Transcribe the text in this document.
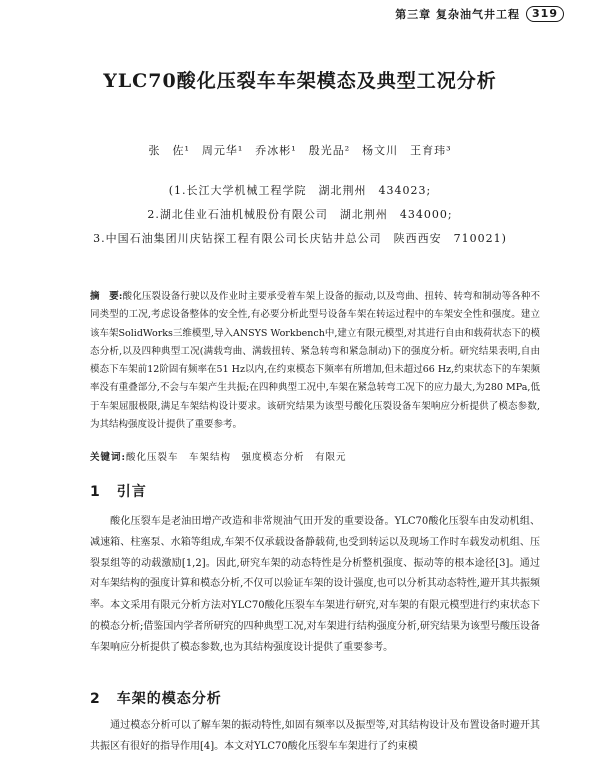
第三章 复杂油气井工程	319
YLC70酸化压裂车车架模态及典型工况分析
张　佐¹　周元华¹　乔冰彬¹　殷光品²　杨文川　王育玮³
(1.长江大学机械工程学院　湖北荆州　434023;
2.湖北佳业石油机械股份有限公司　湖北荆州　434000;
3.中国石油集团川庆钻探工程有限公司长庆钻井总公司　陕西西安　710021)
摘　要:酸化压裂设备行驶以及作业时主要承受着车架上设备的振动,以及弯曲、扭转、转弯和制动等各种不同类型的工况,考虑设备整体的安全性,有必要分析此型号设备车架在转运过程中的车架安全性和强度。建立该车架SolidWorks三维模型,导入ANSYS Workbench中,建立有限元模型,对其进行自由和载荷状态下的模态分析,以及四种典型工况(满载弯曲、满载扭转、紧急转弯和紧急制动)下的强度分析。研究结果表明,自由模态下车架前12阶固有频率在51 Hz以内,在约束模态下频率有所增加,但未超过66 Hz,约束状态下的车架频率没有重叠部分,不会与车架产生共振;在四种典型工况中,车架在紧急转弯工况下的应力最大,为280 MPa,低于车架屈服极限,满足车架结构设计要求。该研究结果为该型号酸化压裂设备车架响应分析提供了模态参数,为其结构强度设计提供了重要参考。
关键词:酸化压裂车　车架结构　强度模态分析　有限元
1 引言
酸化压裂车是老油田增产改造和非常规油气田开发的重要设备。YLC70酸化压裂车由发动机组、减速箱、柱塞泵、水箱等组成,车架不仅承载设备静载荷,也受到转运以及现场工作时车载发动机组、压裂泵组等的动载激励[1,2]。因此,研究车架的动态特性是分析整机强度、振动等的根本途径[3]。通过对车架结构的强度计算和模态分析,不仅可以验证车架的设计强度,也可以分析其动态特性,避开其共振频率。 本文采用有限元分析方法对YLC70酸化压裂车车架进行研究,对车架的有限元模型进行约束状态下的模态分析;借鉴国内学者所研究的四种典型工况,对车架进行结构强度分析,研究结果为该型号酸压设备车架响应分析提供了模态参数,也为其结构强度设计提供了重要参考。
2 车架的模态分析
通过模态分析可以了解车架的振动特性,如固有频率以及振型等,对其结构设计及布置设备时避开其共振区有很好的指导作用[4]。本文对YLC70酸化压裂车车架进行了约束模
